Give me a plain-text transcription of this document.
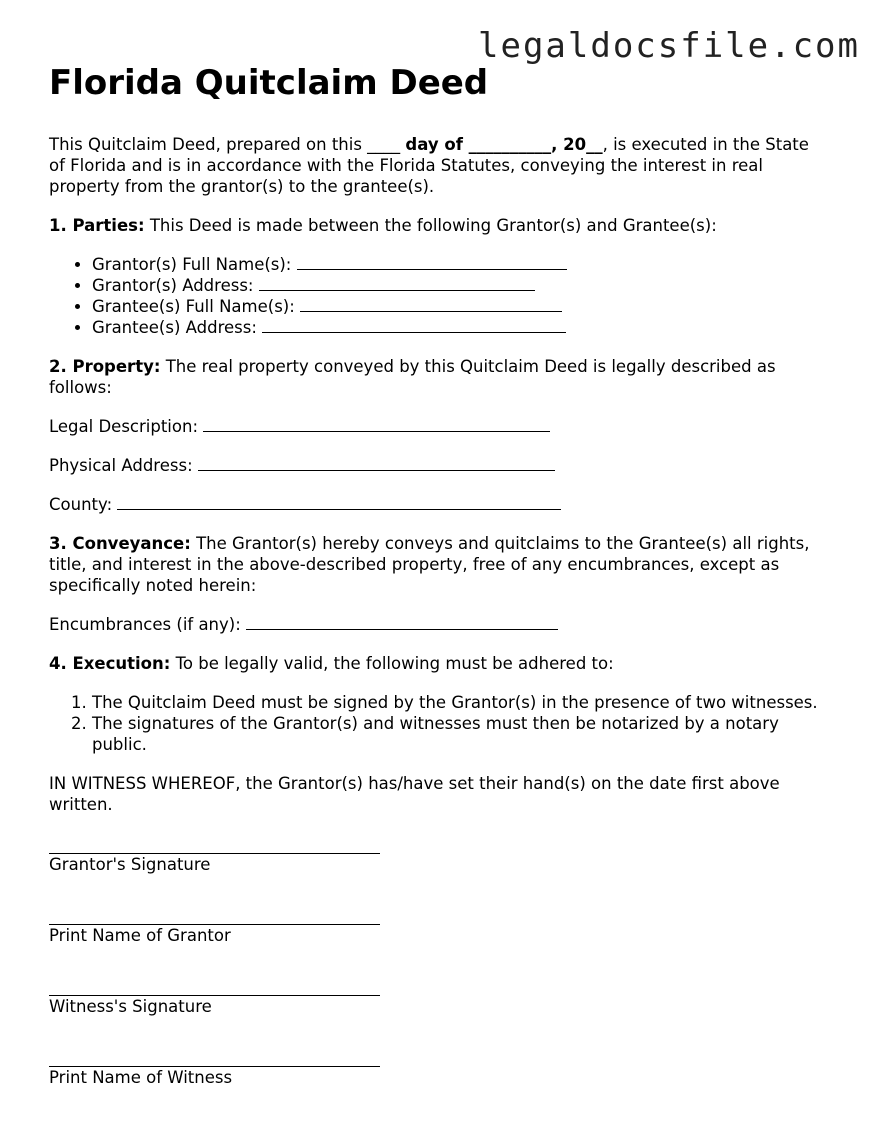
legaldocsfile.com
Florida Quitclaim Deed

This Quitclaim Deed, prepared on this ____ day of __________, 20__, is executed in the State of Florida and is in accordance with the Florida Statutes, conveying the interest in real property from the grantor(s) to the grantee(s).

1. Parties: This Deed is made between the following Grantor(s) and Grantee(s):

• Grantor(s) Full Name(s):
• Grantor(s) Address:
• Grantee(s) Full Name(s):
• Grantee(s) Address:

2. Property: The real property conveyed by this Quitclaim Deed is legally described as follows:

Legal Description:

Physical Address:

County:

3. Conveyance: The Grantor(s) hereby conveys and quitclaims to the Grantee(s) all rights, title, and interest in the above-described property, free of any encumbrances, except as specifically noted herein:

Encumbrances (if any):

4. Execution: To be legally valid, the following must be adhered to:

1. The Quitclaim Deed must be signed by the Grantor(s) in the presence of two witnesses.
2. The signatures of the Grantor(s) and witnesses must then be notarized by a notary public.

IN WITNESS WHEREOF, the Grantor(s) has/have set their hand(s) on the date first above written.

Grantor's Signature

Print Name of Grantor

Witness's Signature

Print Name of Witness
